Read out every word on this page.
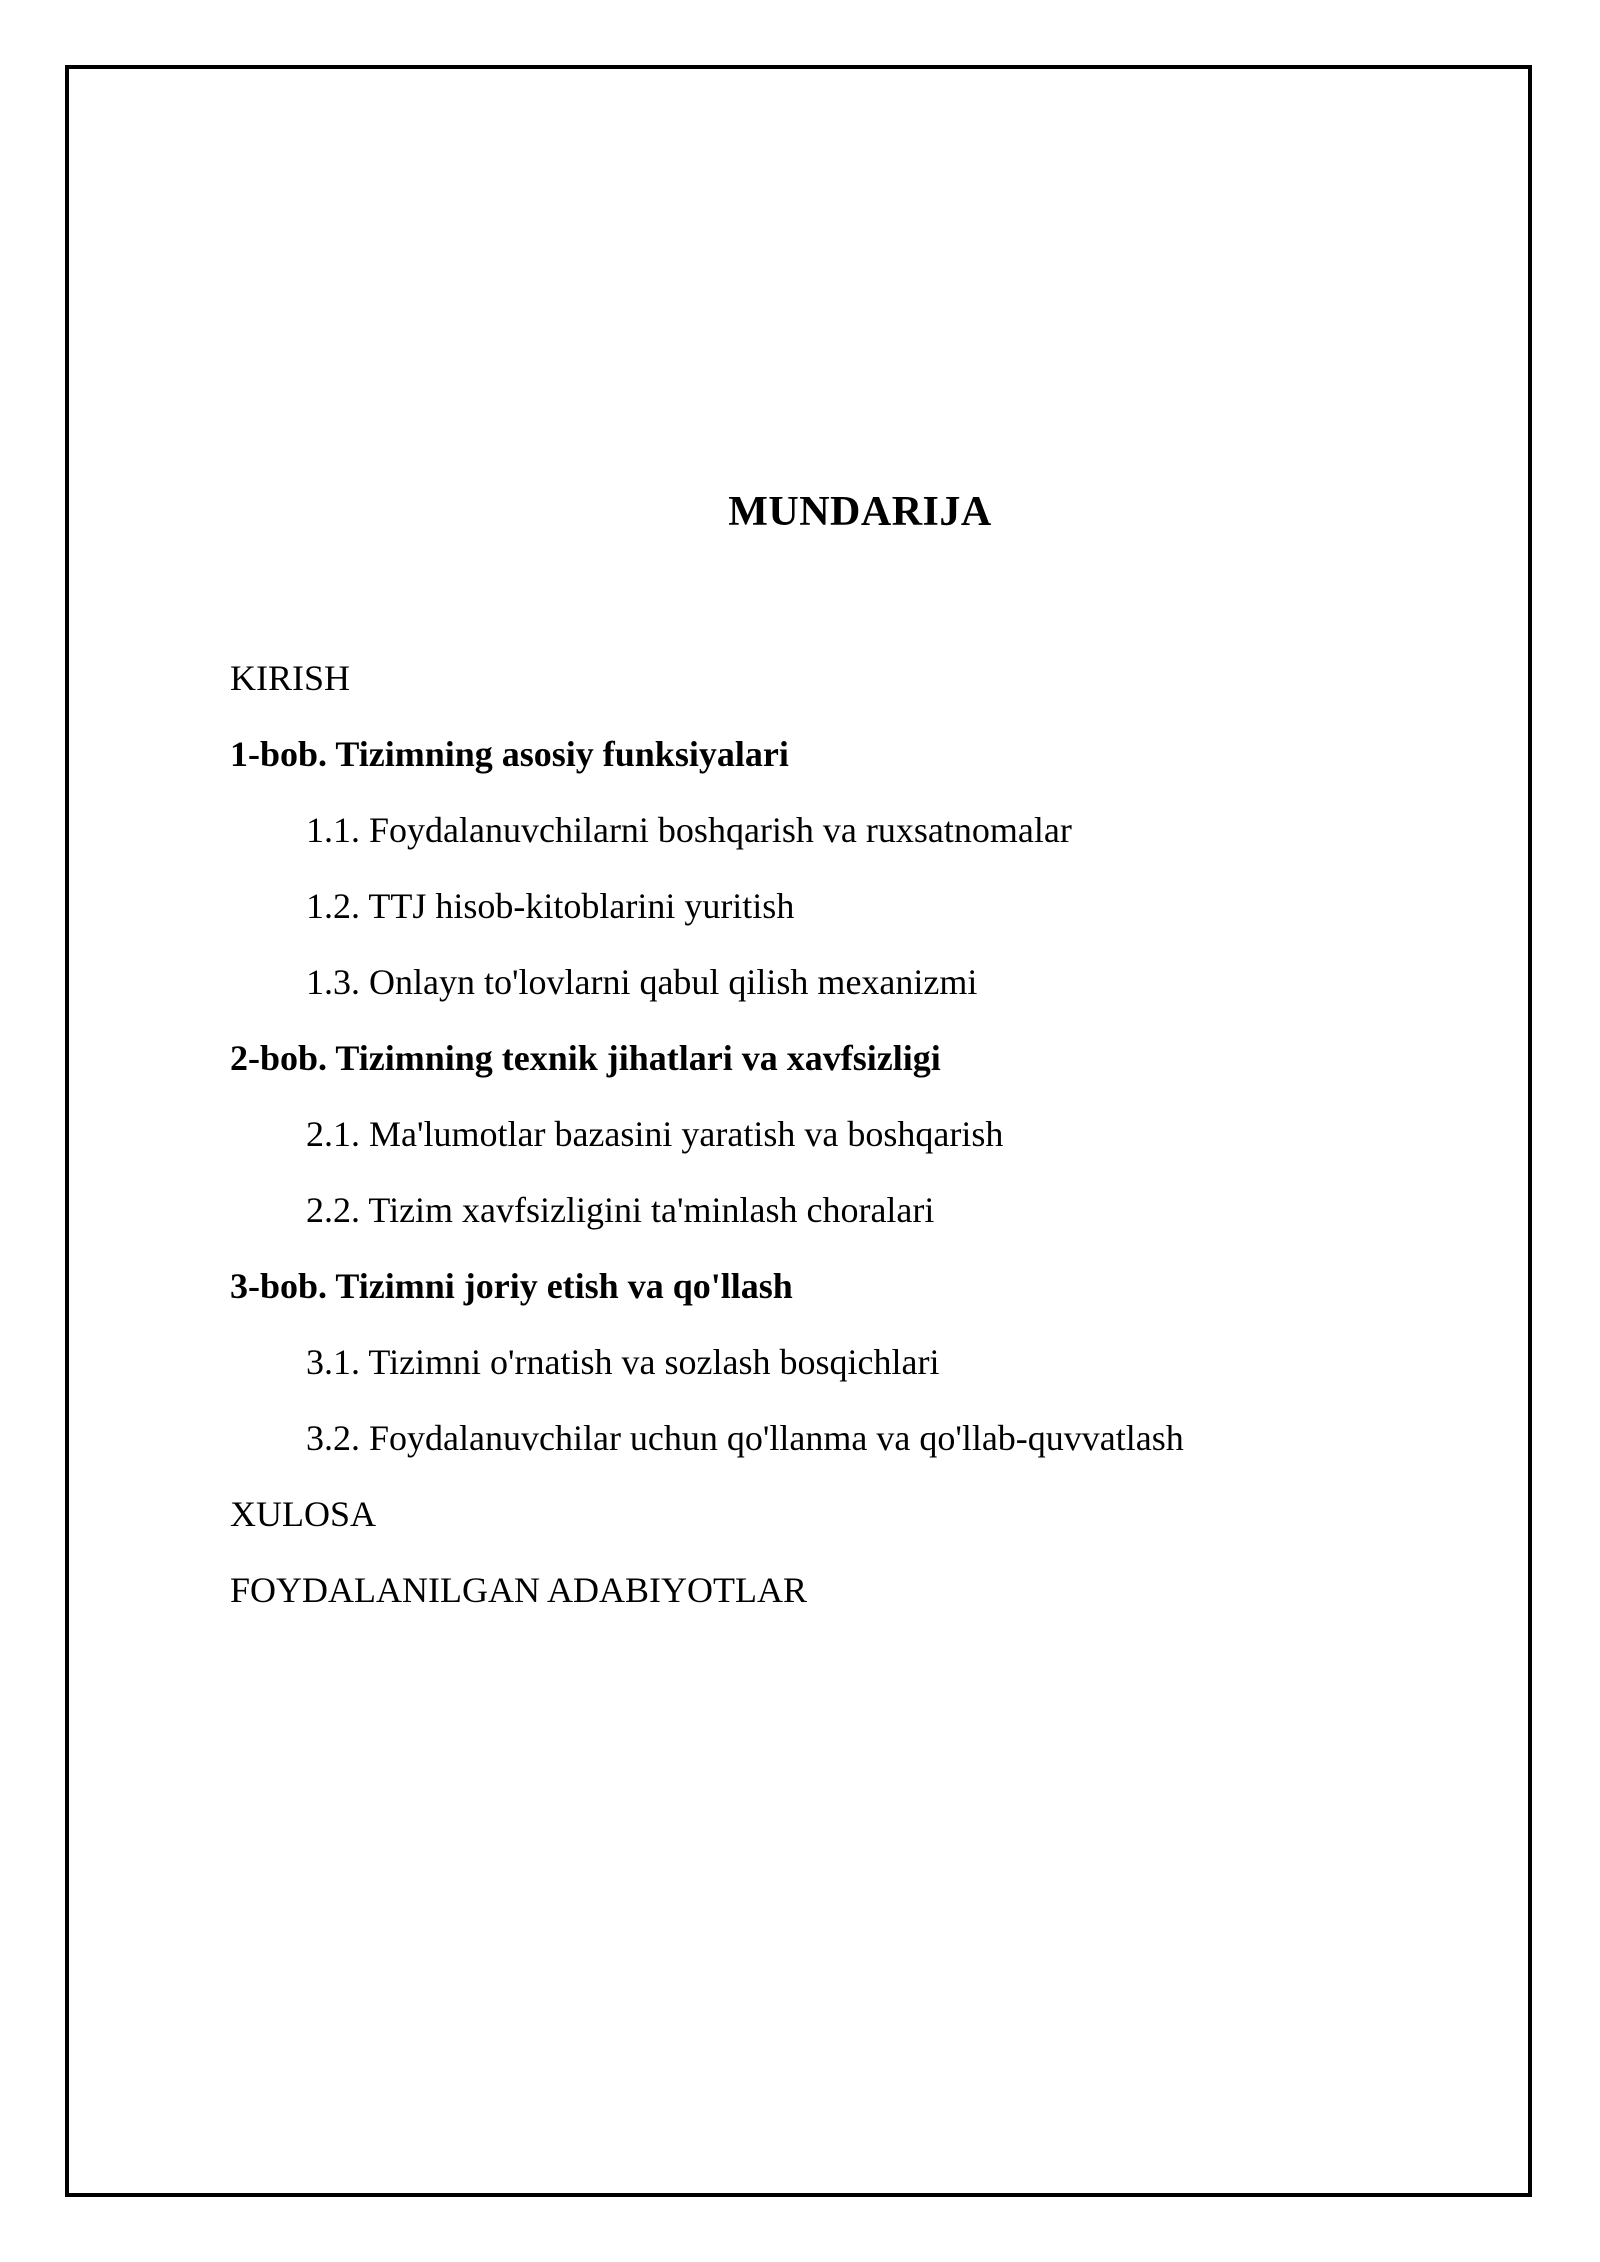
MUNDARIJA
KIRISH
1-bob. Tizimning asosiy funksiyalari
1.1. Foydalanuvchilarni boshqarish va ruxsatnomalar
1.2. TTJ hisob-kitoblarini yuritish
1.3. Onlayn to'lovlarni qabul qilish mexanizmi
2-bob. Tizimning texnik jihatlari va xavfsizligi
2.1. Ma'lumotlar bazasini yaratish va boshqarish
2.2. Tizim xavfsizligini ta'minlash choralari
3-bob. Tizimni joriy etish va qo'llash
3.1. Tizimni o'rnatish va sozlash bosqichlari
3.2. Foydalanuvchilar uchun qo'llanma va qo'llab-quvvatlash
XULOSA
FOYDALANILGAN ADABIYOTLAR
